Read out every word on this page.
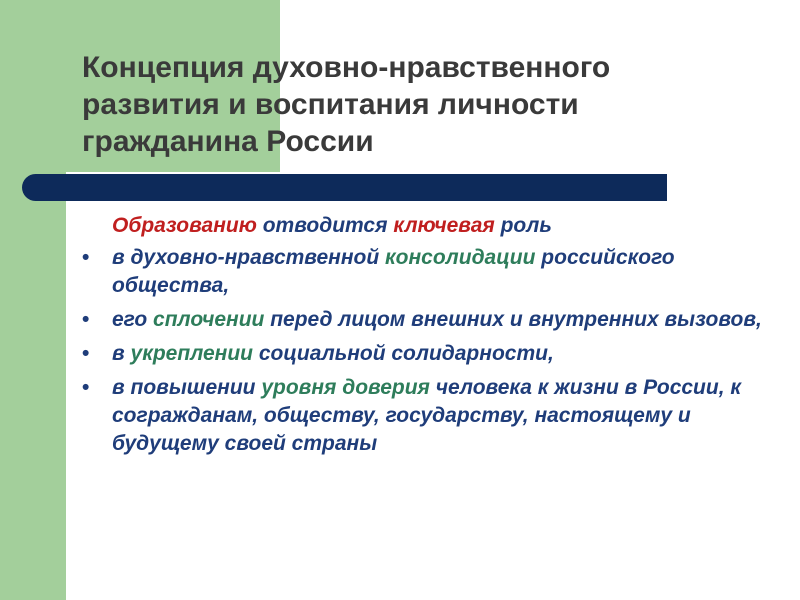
Концепция духовно-нравственного
развития и воспитания личности
гражданина России

Образованию отводится ключевая роль

•	в духовно-нравственной консолидации российского общества,
•	его сплочении перед лицом внешних и внутренних вызовов,
•	в укреплении социальной солидарности,
•	в повышении уровня доверия человека к жизни в России, к согражданам, обществу, государству, настоящему и будущему своей страны
